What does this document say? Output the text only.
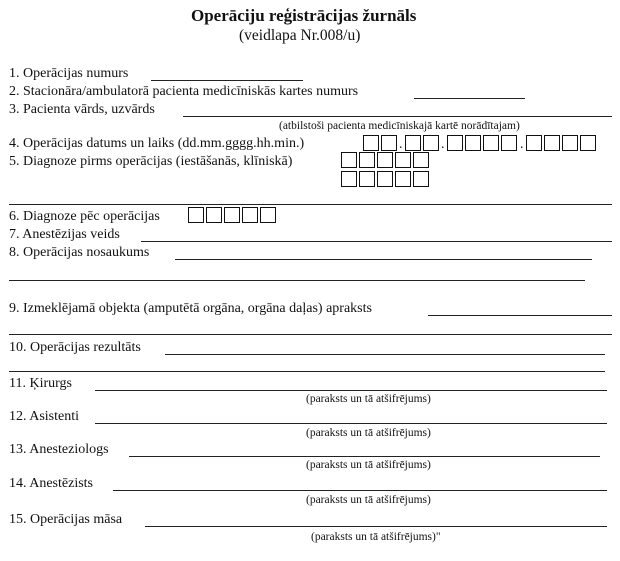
Operāciju reģistrācijas žurnāls
(veidlapa Nr.008/u)
1. Operācijas numurs
2. Stacionāra/ambulatorā pacienta medicīniskās kartes numurs
3. Pacienta vārds, uzvārds
(atbilstoši pacienta medicīniskajā kartē norādītajam)
4. Operācijas datums un laiks (dd.mm.gggg.hh.min.)	.	.	.
5. Diagnoze pirms operācijas (iestāšanās, klīniskā)
6. Diagnoze pēc operācijas
7. Anestēzijas veids
8. Operācijas nosaukums
9. Izmeklējamā objekta (amputētā orgāna, orgāna daļas) apraksts
10. Operācijas rezultāts
11. Ķirurgs
(paraksts un tā atšifrējums)
12. Asistenti
(paraksts un tā atšifrējums)
13. Anesteziologs
(paraksts un tā atšifrējums)
14. Anestēzists
(paraksts un tā atšifrējums)
15. Operācijas māsa
(paraksts un tā atšifrējums)"
